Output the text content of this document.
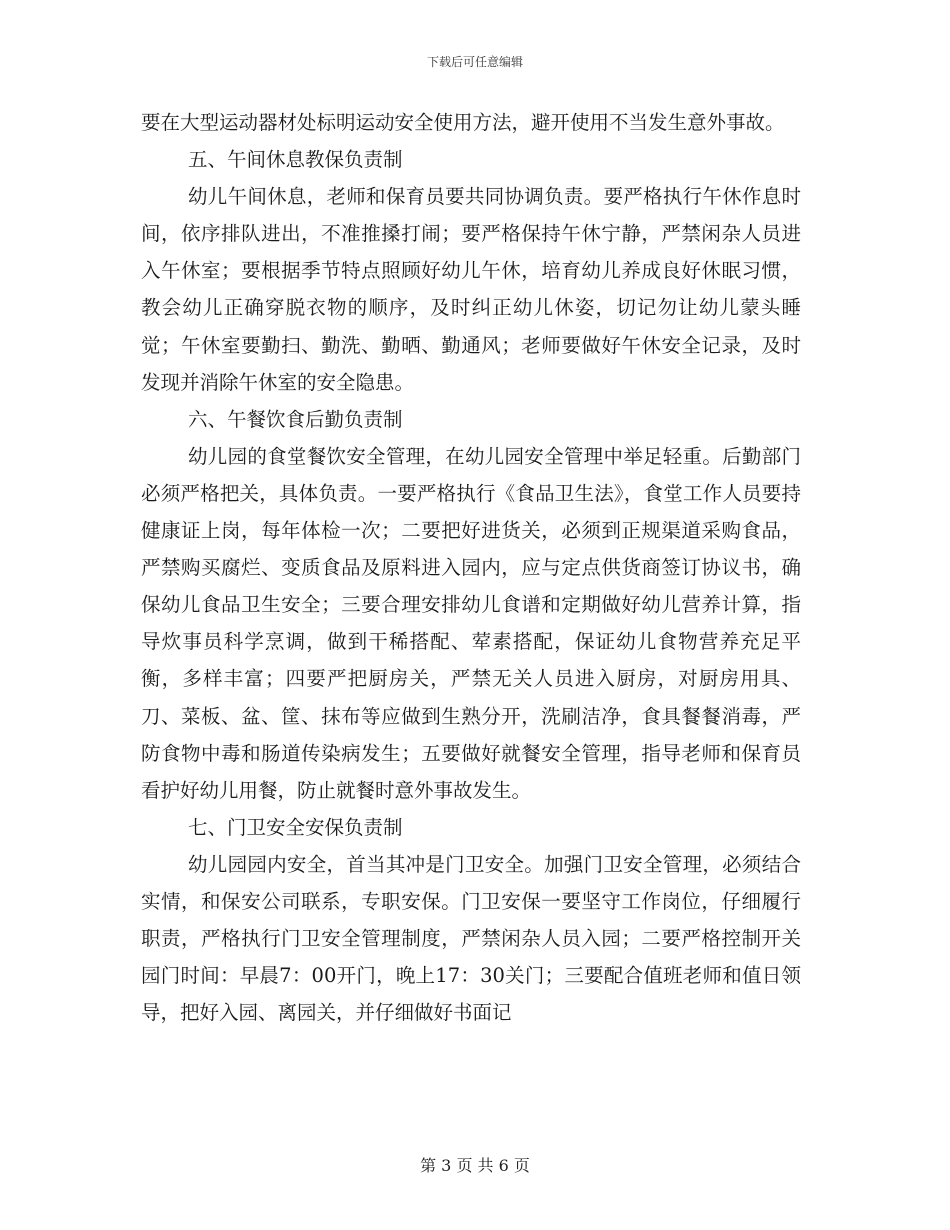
下载后可任意编辑

要在大型运动器材处标明运动安全使用方法，避开使用不当发生意外事故。

五、午间休息教保负责制

幼儿午间休息，老师和保育员要共同协调负责。要严格执行午休作息时间，依序排队进出，不准推搡打闹；要严格保持午休宁静，严禁闲杂人员进入午休室；要根据季节特点照顾好幼儿午休，培育幼儿养成良好休眠习惯，教会幼儿正确穿脱衣物的顺序，及时纠正幼儿休姿，切记勿让幼儿蒙头睡觉；午休室要勤扫、勤洗、勤晒、勤通风；老师要做好午休安全记录，及时发现并消除午休室的安全隐患。

六、午餐饮食后勤负责制

幼儿园的食堂餐饮安全管理，在幼儿园安全管理中举足轻重。后勤部门必须严格把关，具体负责。一要严格执行《食品卫生法》，食堂工作人员要持健康证上岗，每年体检一次；二要把好进货关，必须到正规渠道采购食品，严禁购买腐烂、变质食品及原料进入园内，应与定点供货商签订协议书，确保幼儿食品卫生安全；三要合理安排幼儿食谱和定期做好幼儿营养计算，指导炊事员科学烹调，做到干稀搭配、荤素搭配，保证幼儿食物营养充足平衡，多样丰富；四要严把厨房关，严禁无关人员进入厨房，对厨房用具、刀、菜板、盆、筐、抹布等应做到生熟分开，洗刷洁净，食具餐餐消毒，严防食物中毒和肠道传染病发生；五要做好就餐安全管理，指导老师和保育员看护好幼儿用餐，防止就餐时意外事故发生。

七、门卫安全安保负责制

幼儿园园内安全，首当其冲是门卫安全。加强门卫安全管理，必须结合实情，和保安公司联系，专职安保。门卫安保一要坚守工作岗位，仔细履行职责，严格执行门卫安全管理制度，严禁闲杂人员入园；二要严格控制开关园门时间：早晨7：00开门，晚上17：30关门；三要配合值班老师和值日领导，把好入园、离园关，并仔细做好书面记

第 3 页 共 6 页
